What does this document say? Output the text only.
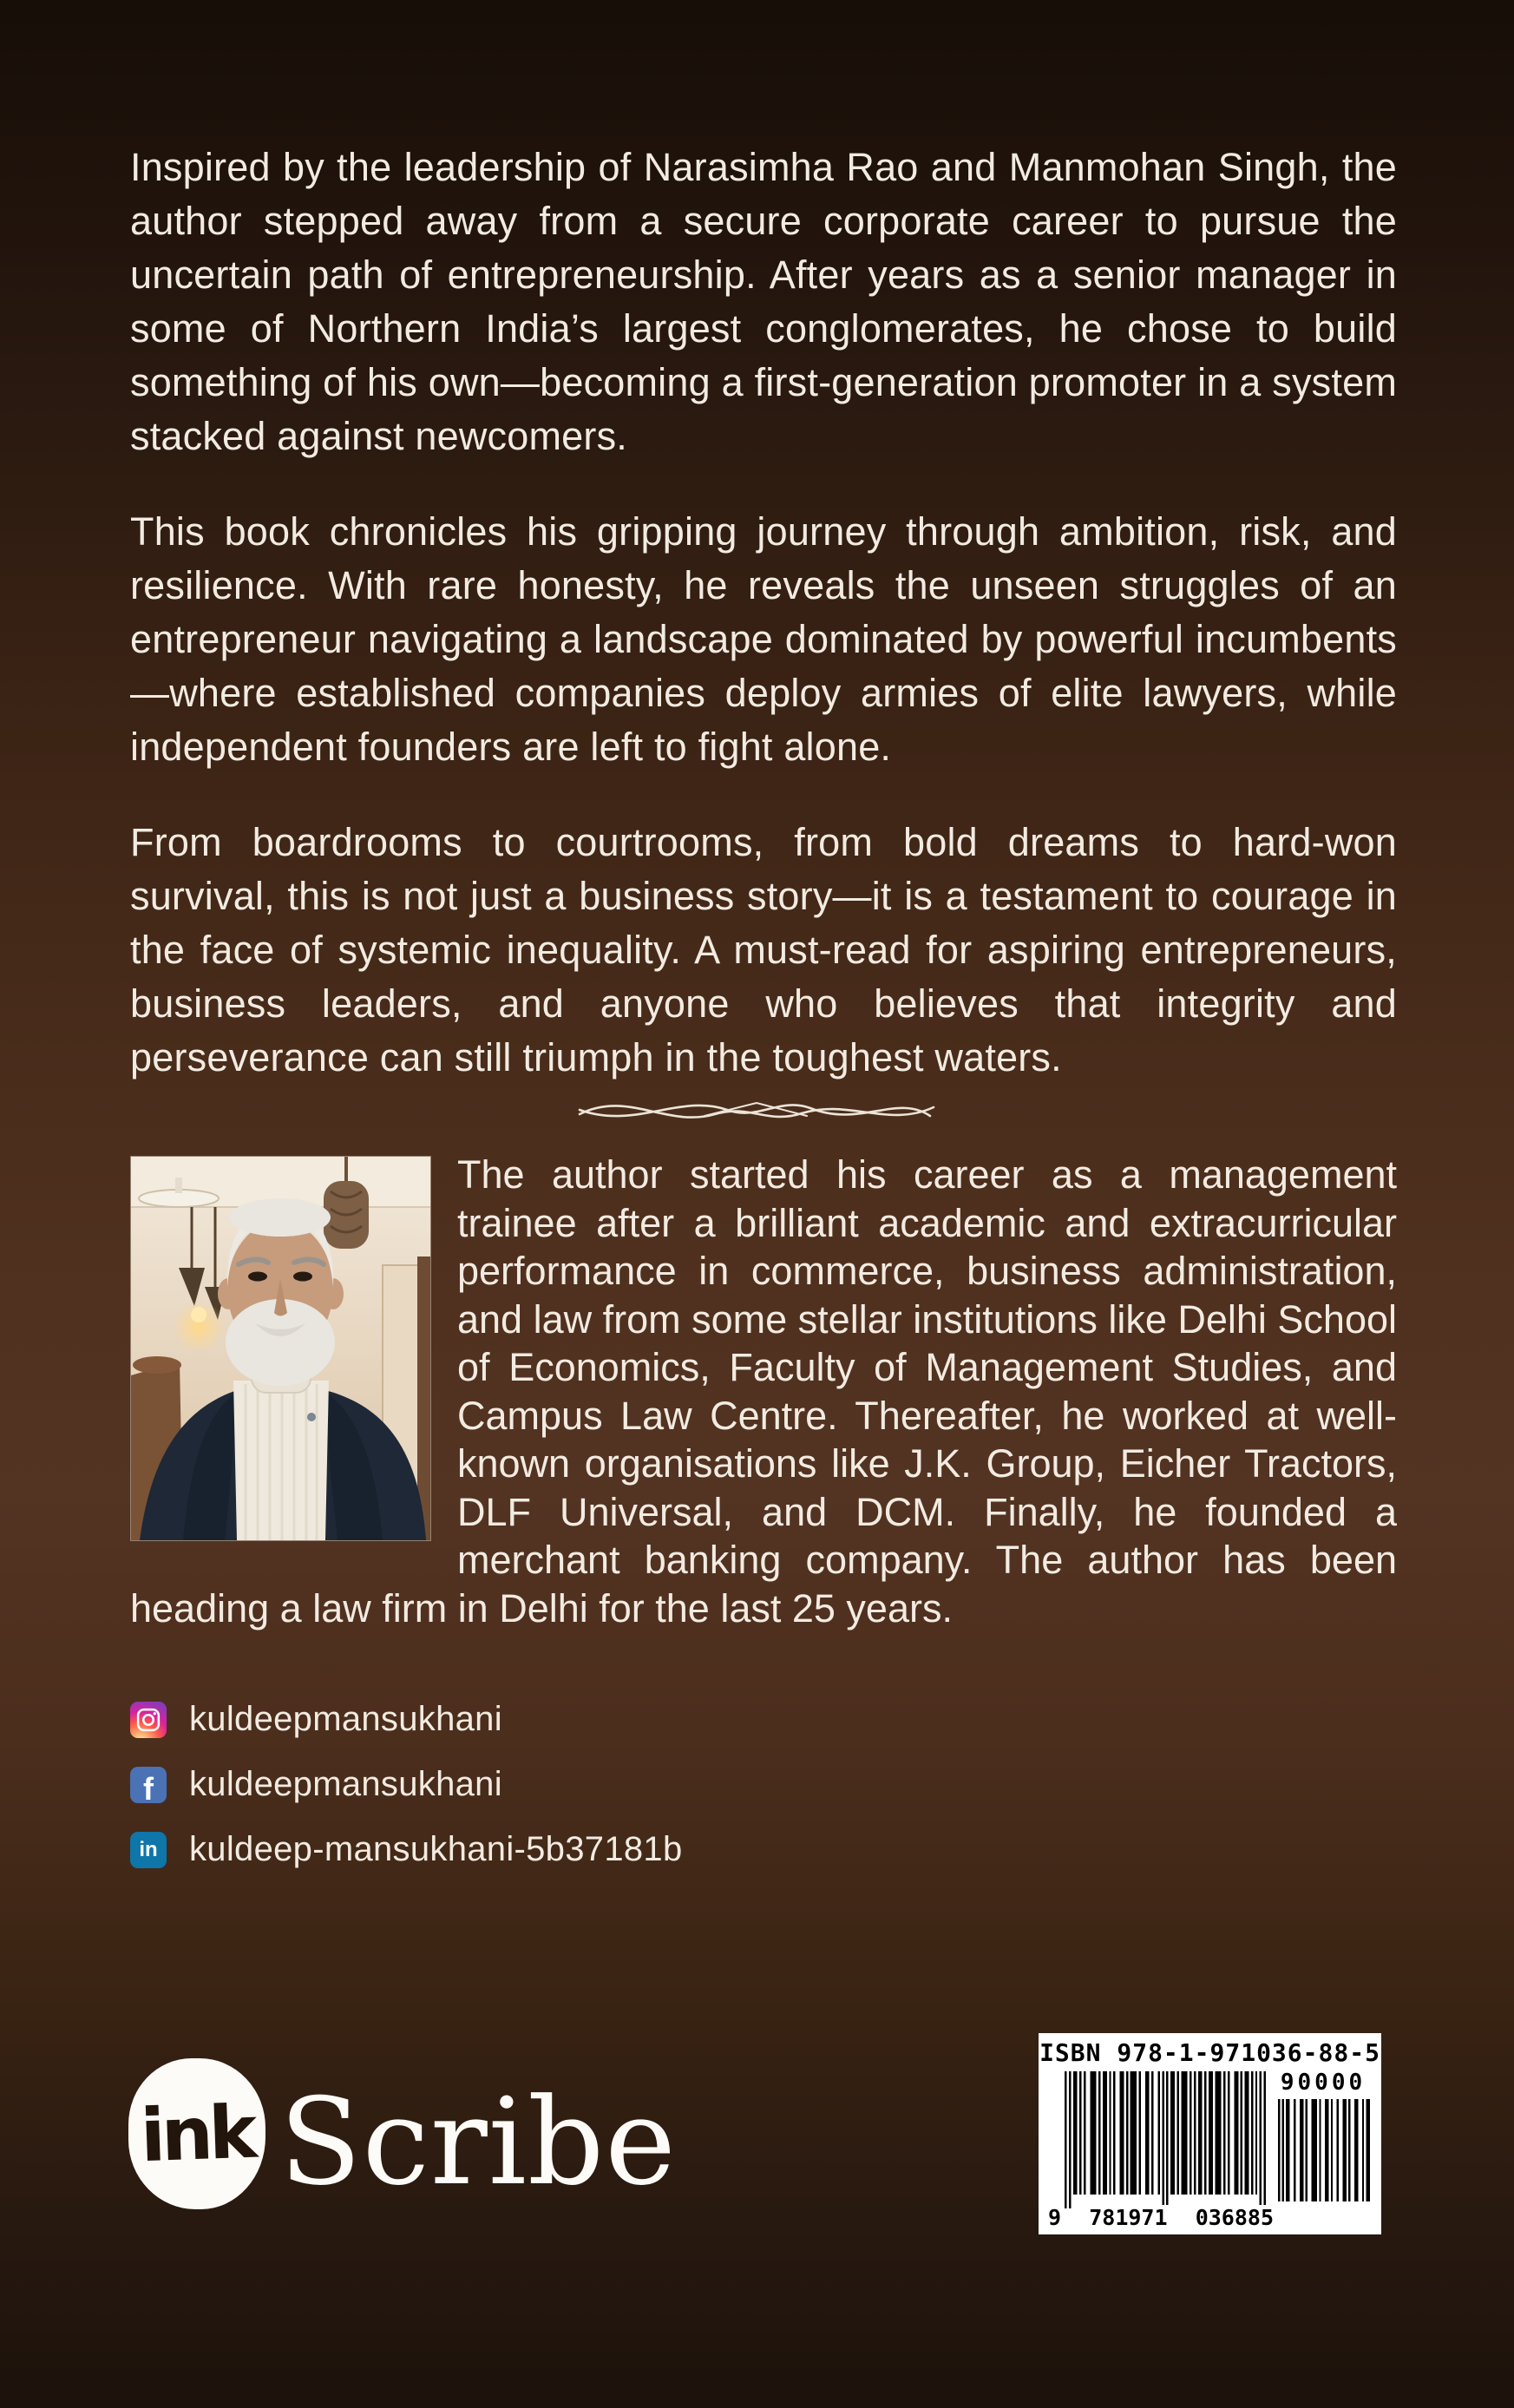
Inspired by the leadership of Narasimha Rao and Manmohan Singh, the author stepped away from a secure corporate career to pursue the uncertain path of entrepreneurship. After years as a senior manager in some of Northern India’s largest conglomerates, he chose to build something of his own—becoming a first-generation promoter in a system stacked against newcomers.

This book chronicles his gripping journey through ambition, risk, and resilience. With rare honesty, he reveals the unseen struggles of an entrepreneur navigating a landscape dominated by powerful incumbents—where established companies deploy armies of elite lawyers, while independent founders are left to fight alone.

From boardrooms to courtrooms, from bold dreams to hard-won survival, this is not just a business story—it is a testament to courage in the face of systemic inequality. A must-read for aspiring entrepreneurs, business leaders, and anyone who believes that integrity and perseverance can still triumph in the toughest waters.

The author started his career as a management trainee after a brilliant academic and extracurricular performance in commerce, business administration, and law from some stellar institutions like Delhi School of Economics, Faculty of Management Studies, and Campus Law Centre. Thereafter, he worked at well-known organisations like J.K. Group, Eicher Tractors, DLF Universal, and DCM. Finally, he founded a merchant banking company. The author has been heading a law firm in Delhi for the last 25 years.

kuldeepmansukhani
f kuldeepmansukhani
in kuldeep-mansukhani-5b37181b
ink Scribe
ISBN 978-1-971036-88-5
9 781971 036885
90000
